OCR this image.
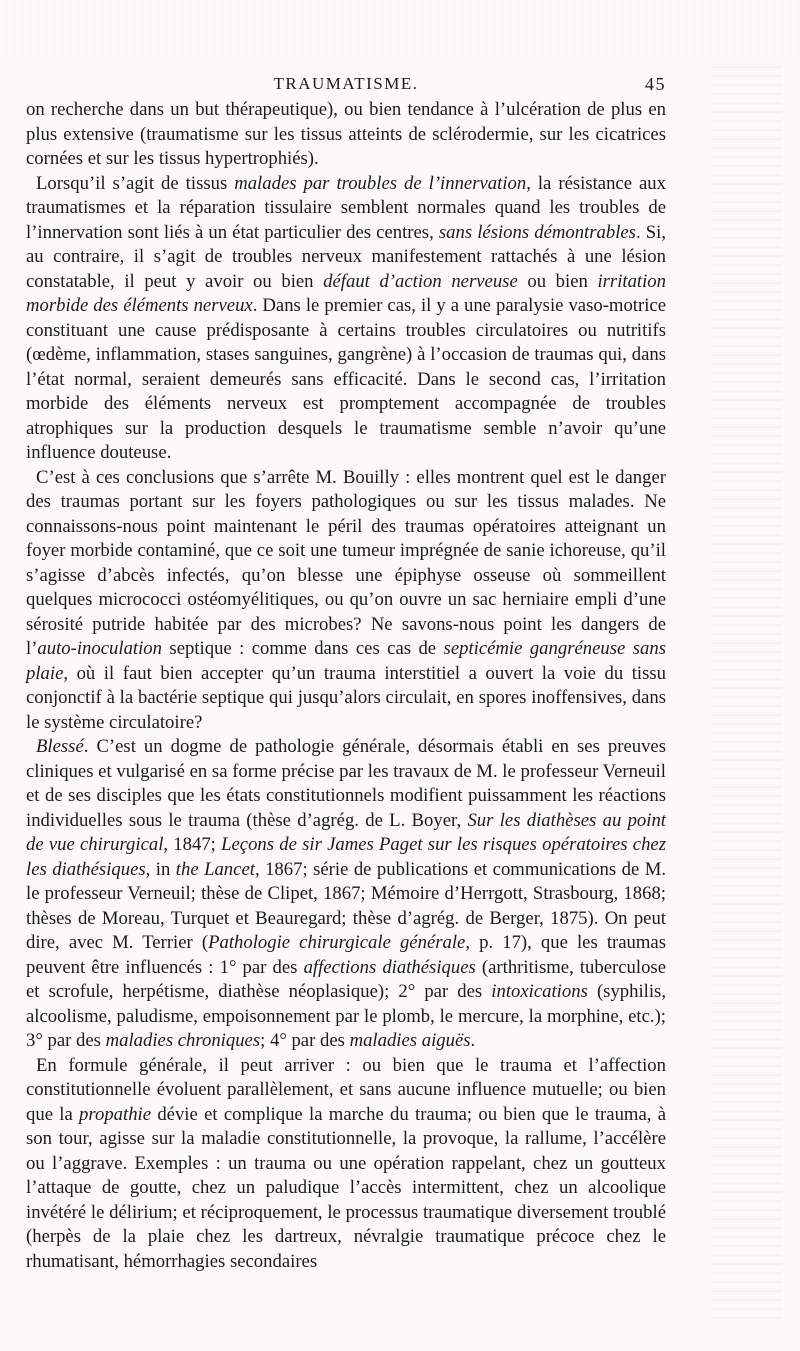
TRAUMATISME.	45

on recherche dans un but thérapeutique), ou bien tendance à l’ulcération de plus en plus extensive (traumatisme sur les tissus atteints de sclérodermie, sur les cicatrices cornées et sur les tissus hypertrophiés).

Lorsqu’il s’agit de tissus malades par troubles de l’innervation, la résistance aux traumatismes et la réparation tissulaire semblent normales quand les troubles de l’innervation sont liés à un état particulier des centres, sans lésions démontrables. Si, au contraire, il s’agit de troubles nerveux manifestement rattachés à une lésion constatable, il peut y avoir ou bien défaut d’action nerveuse ou bien irritation morbide des éléments nerveux. Dans le premier cas, il y a une paralysie vaso-motrice constituant une cause prédisposante à certains troubles circulatoires ou nutritifs (œdème, inflammation, stases sanguines, gangrène) à l’occasion de traumas qui, dans l’état normal, seraient demeurés sans efficacité. Dans le second cas, l’irritation morbide des éléments nerveux est promptement accompagnée de troubles atrophiques sur la production desquels le traumatisme semble n’avoir qu’une influence douteuse.

C’est à ces conclusions que s’arrête M. Bouilly : elles montrent quel est le danger des traumas portant sur les foyers pathologiques ou sur les tissus malades. Ne connaissons-nous point maintenant le péril des traumas opératoires atteignant un foyer morbide contaminé, que ce soit une tumeur imprégnée de sanie ichoreuse, qu’il s’agisse d’abcès infectés, qu’on blesse une épiphyse osseuse où sommeillent quelques micrococci ostéomyélitiques, ou qu’on ouvre un sac herniaire empli d’une sérosité putride habitée par des microbes? Ne savons-nous point les dangers de l’auto-inoculation septique : comme dans ces cas de septicémie gangréneuse sans plaie, où il faut bien accepter qu’un trauma interstitiel a ouvert la voie du tissu conjonctif à la bactérie septique qui jusqu’alors circulait, en spores inoffensives, dans le système circulatoire?

Blessé. C’est un dogme de pathologie générale, désormais établi en ses preuves cliniques et vulgarisé en sa forme précise par les travaux de M. le professeur Verneuil et de ses disciples que les états constitutionnels modifient puissamment les réactions individuelles sous le trauma (thèse d’agrég. de L. Boyer, Sur les diathèses au point de vue chirurgical, 1847; Leçons de sir James Paget sur les risques opératoires chez les diathésiques, in the Lancet, 1867; série de publications et communications de M. le professeur Verneuil; thèse de Clipet, 1867; Mémoire d’Herrgott, Strasbourg, 1868; thèses de Moreau, Turquet et Beauregard; thèse d’agrég. de Berger, 1875). On peut dire, avec M. Terrier (Pathologie chirurgicale générale, p. 17), que les traumas peuvent être influencés : 1° par des affections diathésiques (arthritisme, tuberculose et scrofule, herpétisme, diathèse néoplasique); 2° par des intoxications (syphilis, alcoolisme, paludisme, empoisonnement par le plomb, le mercure, la morphine, etc.); 3° par des maladies chroniques; 4° par des maladies aiguës.

En formule générale, il peut arriver : ou bien que le trauma et l’affection constitutionnelle évoluent parallèlement, et sans aucune influence mutuelle; ou bien que la propathie dévie et complique la marche du trauma; ou bien que le trauma, à son tour, agisse sur la maladie constitutionnelle, la provoque, la rallume, l’accélère ou l’aggrave. Exemples : un trauma ou une opération rappelant, chez un goutteux l’attaque de goutte, chez un paludique l’accès intermittent, chez un alcoolique invétéré le délirium; et réciproquement, le processus traumatique diversement troublé (herpès de la plaie chez les dartreux, névralgie traumatique précoce chez le rhumatisant, hémorrhagies secondaires
